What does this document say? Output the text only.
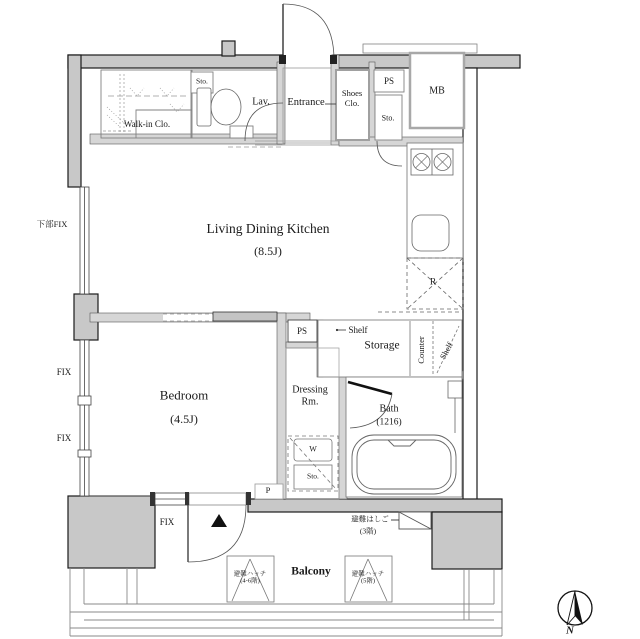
Walk-in Clo.
Sto.
Lav. Entrance
Shoes
Clo.
PS
Sto.
MB
Living Dining Kitchen
(8.5J)
下部FIX
FIX
FIX
R
Bedroom
(4.5J)
PS	Shelf
Storage Counter Shelf
Dressing
Rm.
Bath
(1216)
W
Sto.
P
FIX	避難はしご
(3階)
Balcony
避難ハッチ
(4-6階)
避難ハッチ
(5階)
N
